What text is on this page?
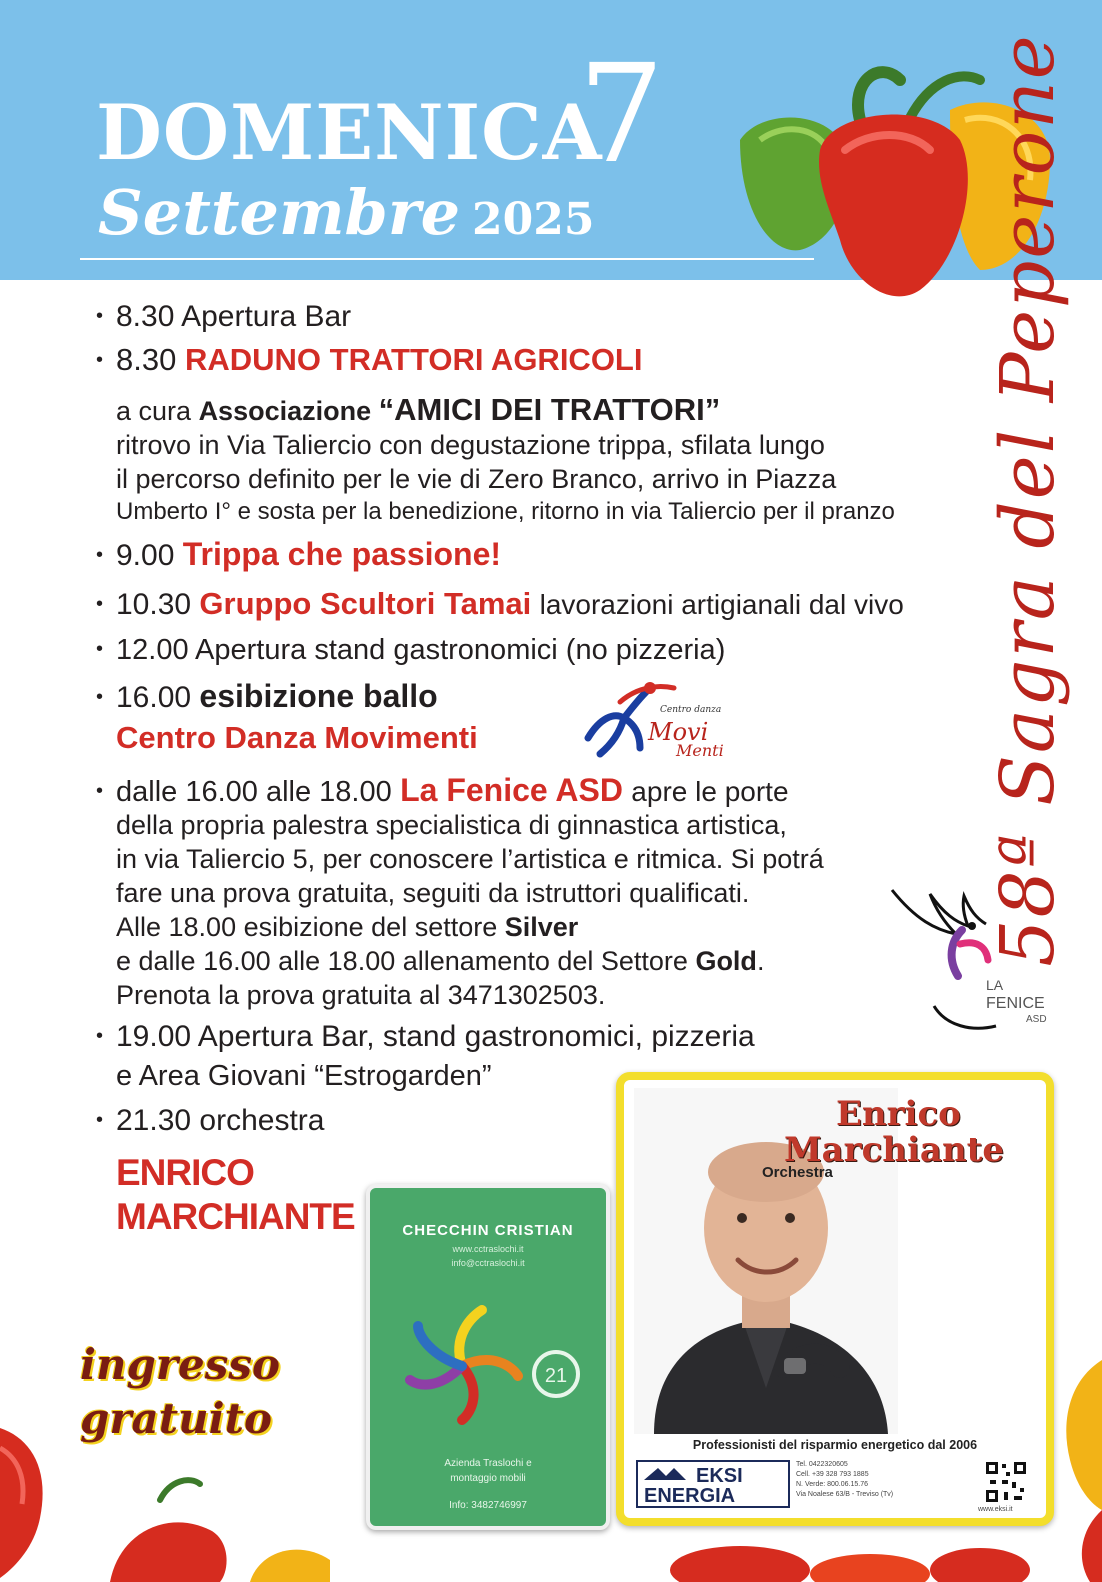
DOMENICA
7
Settembre 2025	58ª Sagra del Peperone
• 8.30 Apertura Bar
• 8.30 RADUNO TRATTORI AGRICOLI
a cura Associazione “AMICI DEI TRATTORI”
ritrovo in Via Taliercio con degustazione trippa, sfilata lungo
il percorso definito per le vie di Zero Branco, arrivo in Piazza
Umberto I° e sosta per la benedizione, ritorno in via Taliercio per il pranzo
• 9.00 Trippa che passione!
• 10.30 Gruppo Scultori Tamai lavorazioni artigianali dal vivo
• 12.00 Apertura stand gastronomici (no pizzeria)
• 16.00 esibizione ballo
Centro Danza Movimenti
Centro danza
Movi
Menti
• dalle 16.00 alle 18.00 La Fenice ASD apre le porte
della propria palestra specialistica di ginnastica artistica,
in via Taliercio 5, per conoscere l’artistica e ritmica. Si potrá
fare una prova gratuita, seguiti da istruttori qualificati.
Alle 18.00 esibizione del settore Silver
e dalle 16.00 alle 18.00 allenamento del Settore Gold.
Prenota la prova gratuita al 3471302503.	LA
FENICE
ASD
• 19.00 Apertura Bar, stand gastronomici, pizzeria
e Area Giovani “Estrogarden”
• 21.30 orchestra
ENRICO
MARCHIANTE
ingresso
gratuito
CHECCHIN CRISTIAN
www.cctraslochi.it
info@cctraslochi.it
21
Azienda Traslochi e
montaggio mobili
Info: 3482746997
Enrico
Marchiante
Orchestra
Professionisti del risparmio energetico dal 2006
EKSI
ENERGIA
Tel. 0422320605
Cell. +39 328 793 1885
N. Verde: 800.06.15.76
Via Noalese 63/B - Treviso (Tv)
www.eksi.it
